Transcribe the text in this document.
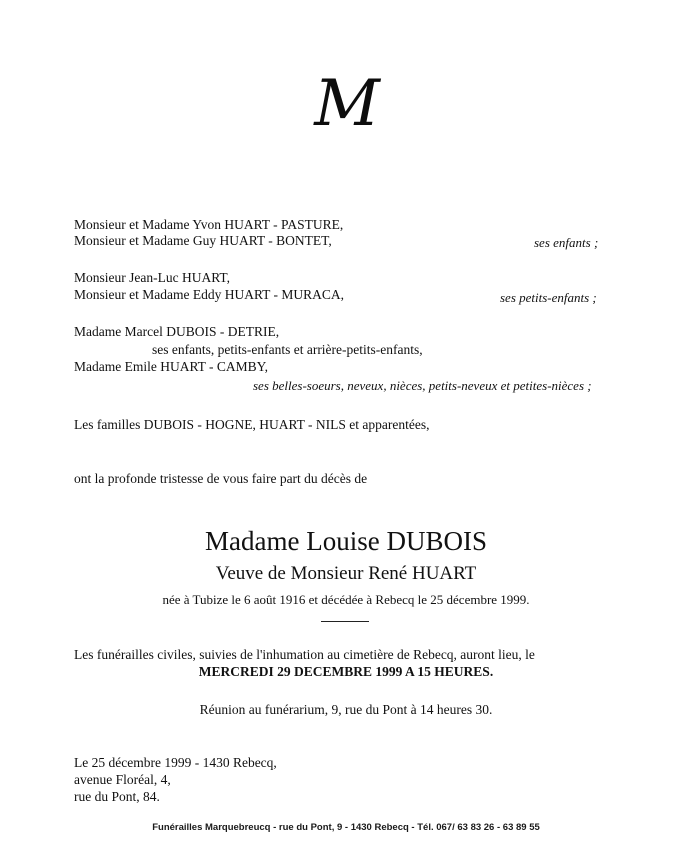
M
Monsieur et Madame Yvon HUART - PASTURE,
Monsieur et Madame Guy HUART - BONTET,	ses enfants ;
Monsieur Jean-Luc HUART,
Monsieur et Madame Eddy HUART - MURACA,	ses petits-enfants ;
Madame Marcel DUBOIS - DETRIE,
ses enfants, petits-enfants et arrière-petits-enfants,
Madame Emile HUART - CAMBY,
ses belles-soeurs, neveux, nièces, petits-neveux et petites-nièces ;
Les familles DUBOIS - HOGNE, HUART - NILS et apparentées,
ont la profonde tristesse de vous faire part du décès de
Madame Louise DUBOIS
Veuve de Monsieur René HUART
née à Tubize le 6 août 1916 et décédée à Rebecq le 25 décembre 1999.
Les funérailles civiles, suivies de l'inhumation au cimetière de Rebecq, auront lieu, le
MERCREDI 29 DECEMBRE 1999 A 15 HEURES.
Réunion au funérarium, 9, rue du Pont à 14 heures 30.
Le 25 décembre 1999 - 1430 Rebecq,
avenue Floréal, 4,
rue du Pont, 84.
Funérailles Marquebreucq - rue du Pont, 9 - 1430 Rebecq - Tél. 067/ 63 83 26 - 63 89 55
